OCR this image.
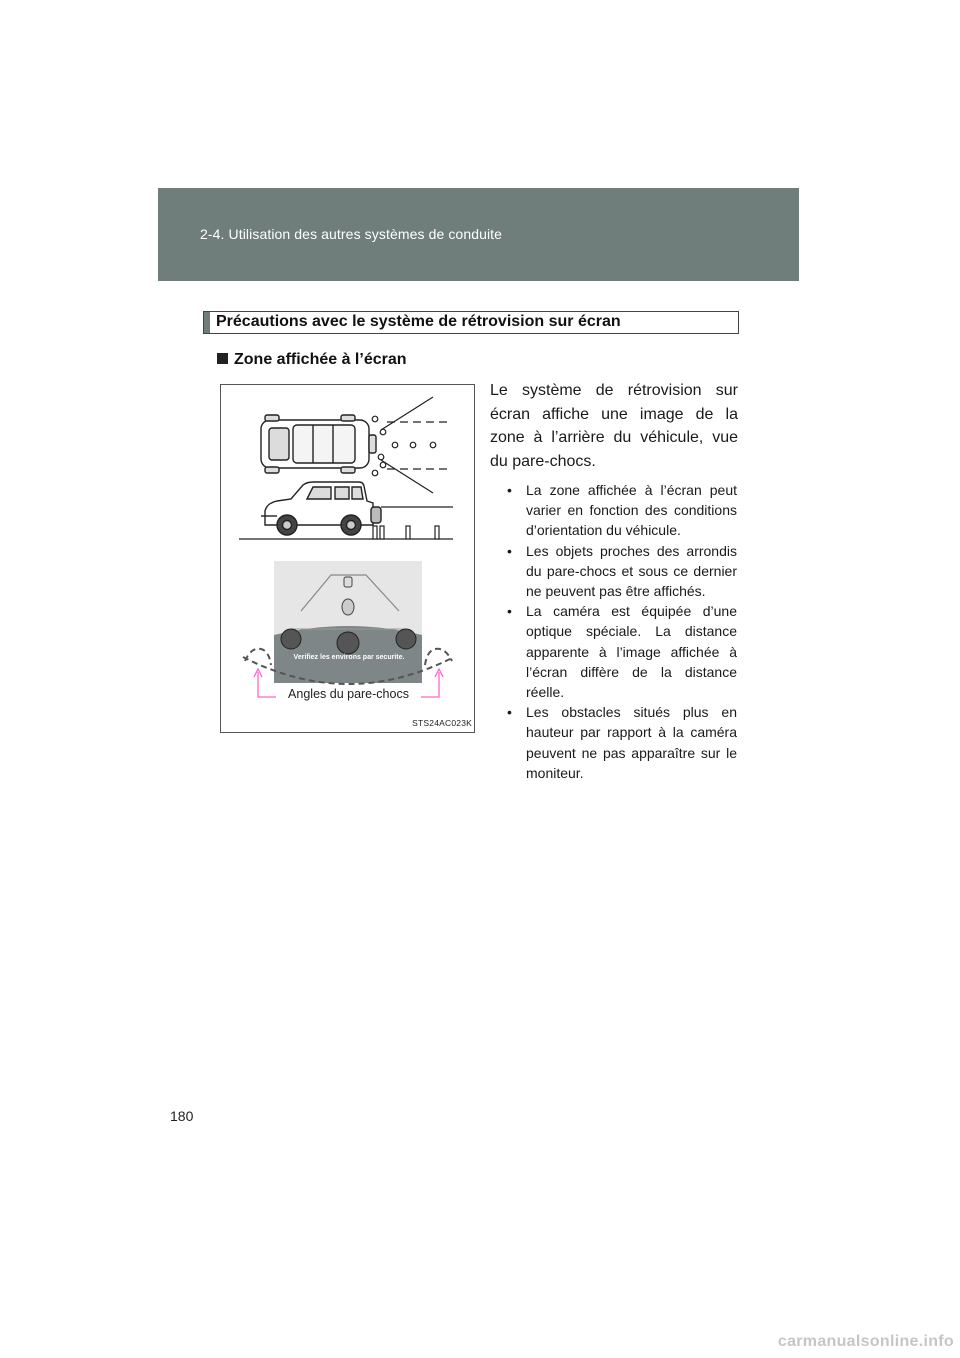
2-4. Utilisation des autres systèmes de conduite
Précautions avec le système de rétrovision sur écran
Zone affichée à l’écran
Verifiez les environs par securite.
Angles du pare-chocs
STS24AC023K
Le système de rétrovision sur écran affiche une image de la zone à l’arrière du véhicule, vue du pare-chocs.
• La zone affichée à l’écran peut varier en fonction des conditions d’orientation du véhicule.
• Les objets proches des arrondis du pare-chocs et sous ce dernier ne peuvent pas être affichés.
• La caméra est équipée d’une optique spéciale. La distance apparente à l’image affichée à l’écran diffère de la distance réelle.
• Les obstacles situés plus en hauteur par rapport à la caméra peuvent ne pas apparaître sur le moniteur.
180
carmanualsonline.info
